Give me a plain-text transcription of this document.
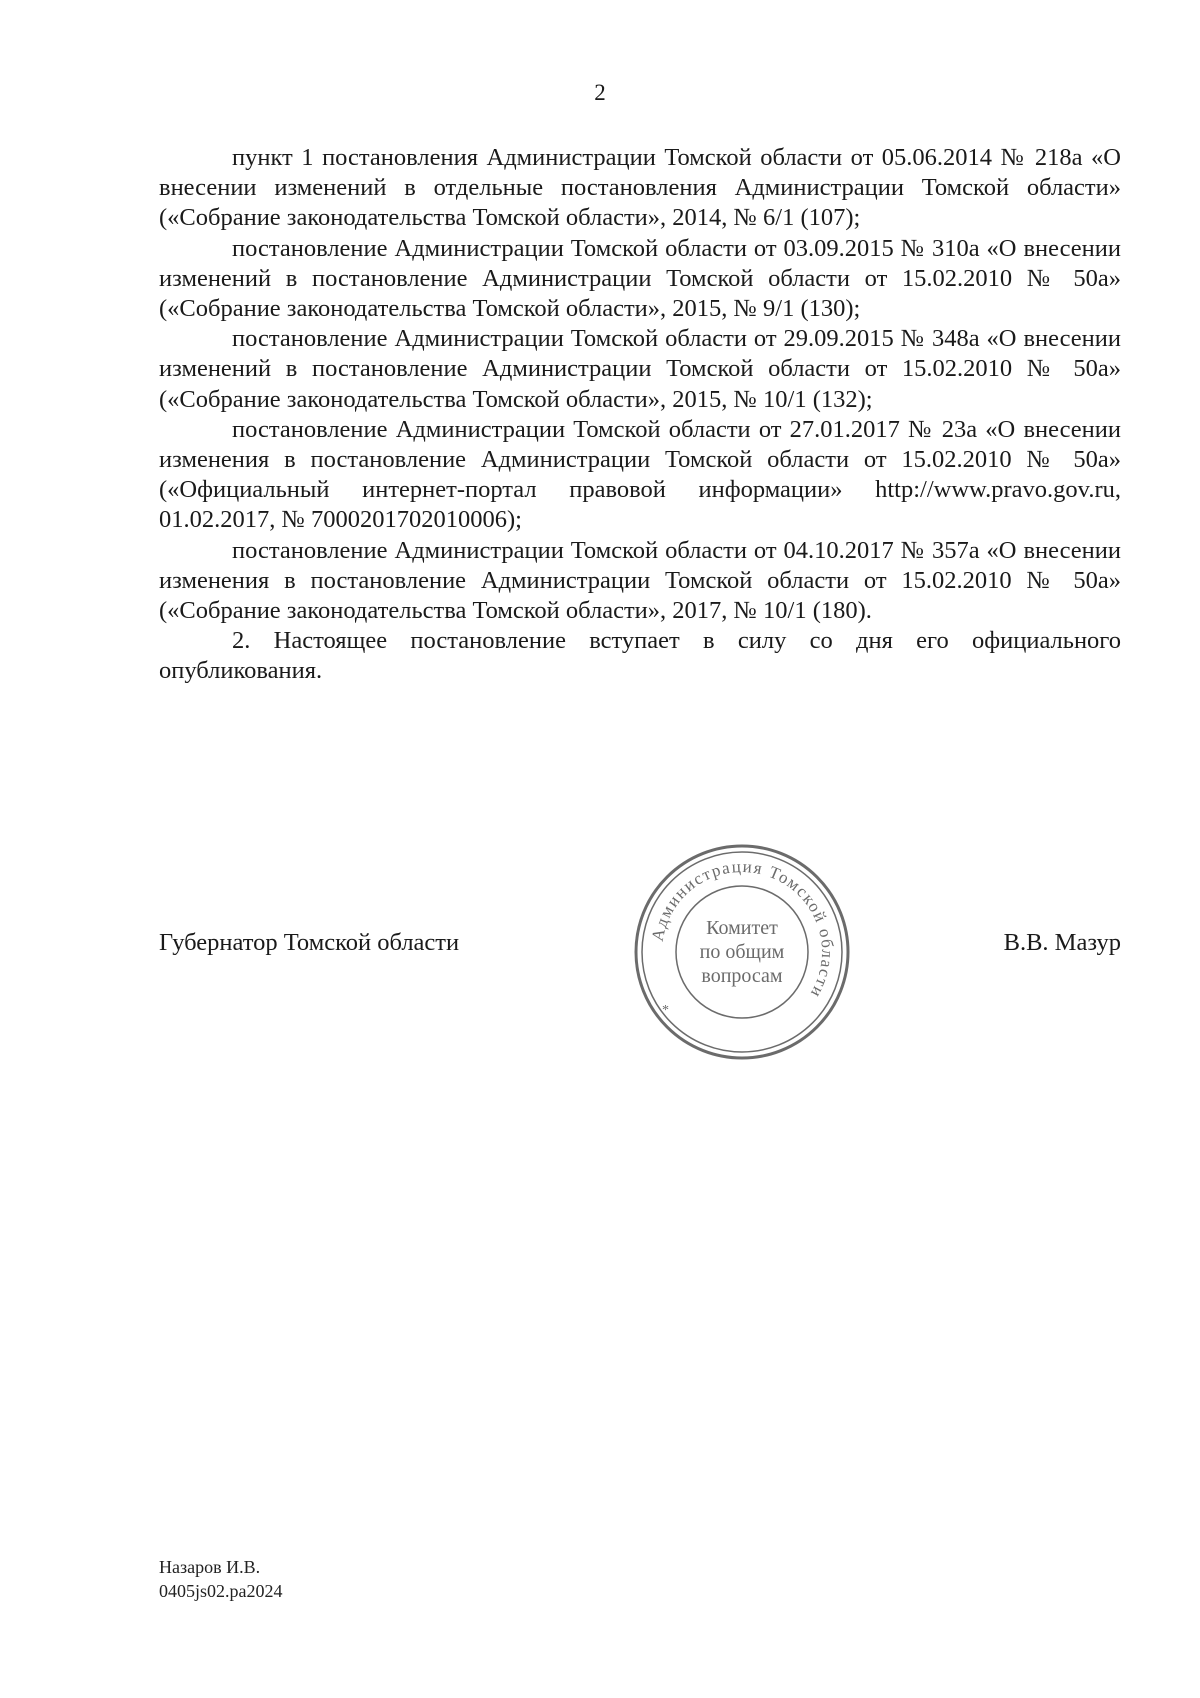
2

пункт 1 постановления Администрации Томской области от 05.06.2014 № 218а «О внесении изменений в отдельные постановления Администрации Томской области» («Собрание законодательства Томской области», 2014, № 6/1 (107);

постановление Администрации Томской области от 03.09.2015 № 310а «О внесении изменений в постановление Администрации Томской области от 15.02.2010 № 50а» («Собрание законодательства Томской области», 2015, № 9/1 (130);

постановление Администрации Томской области от 29.09.2015 № 348а «О внесении изменений в постановление Администрации Томской области от 15.02.2010 № 50а» («Собрание законодательства Томской области», 2015, № 10/1 (132);

постановление Администрации Томской области от 27.01.2017 № 23а «О внесении изменения в постановление Администрации Томской области от 15.02.2010 № 50а» («Официальный интернет-портал правовой информации» http://www.pravo.gov.ru, 01.02.2017, № 7000201702010006);

постановление Администрации Томской области от 04.10.2017 № 357а «О внесении изменения в постановление Администрации Томской области от 15.02.2010 № 50а» («Собрание законодательства Томской области», 2017, № 10/1 (180).

2. Настоящее постановление вступает в силу со дня его официального опубликования.

Губернатор Томской области	В.В. Мазур
Администрация Томской области
Комитет
по общим
вопросам
*
Назаров И.В.
0405js02.pa2024
